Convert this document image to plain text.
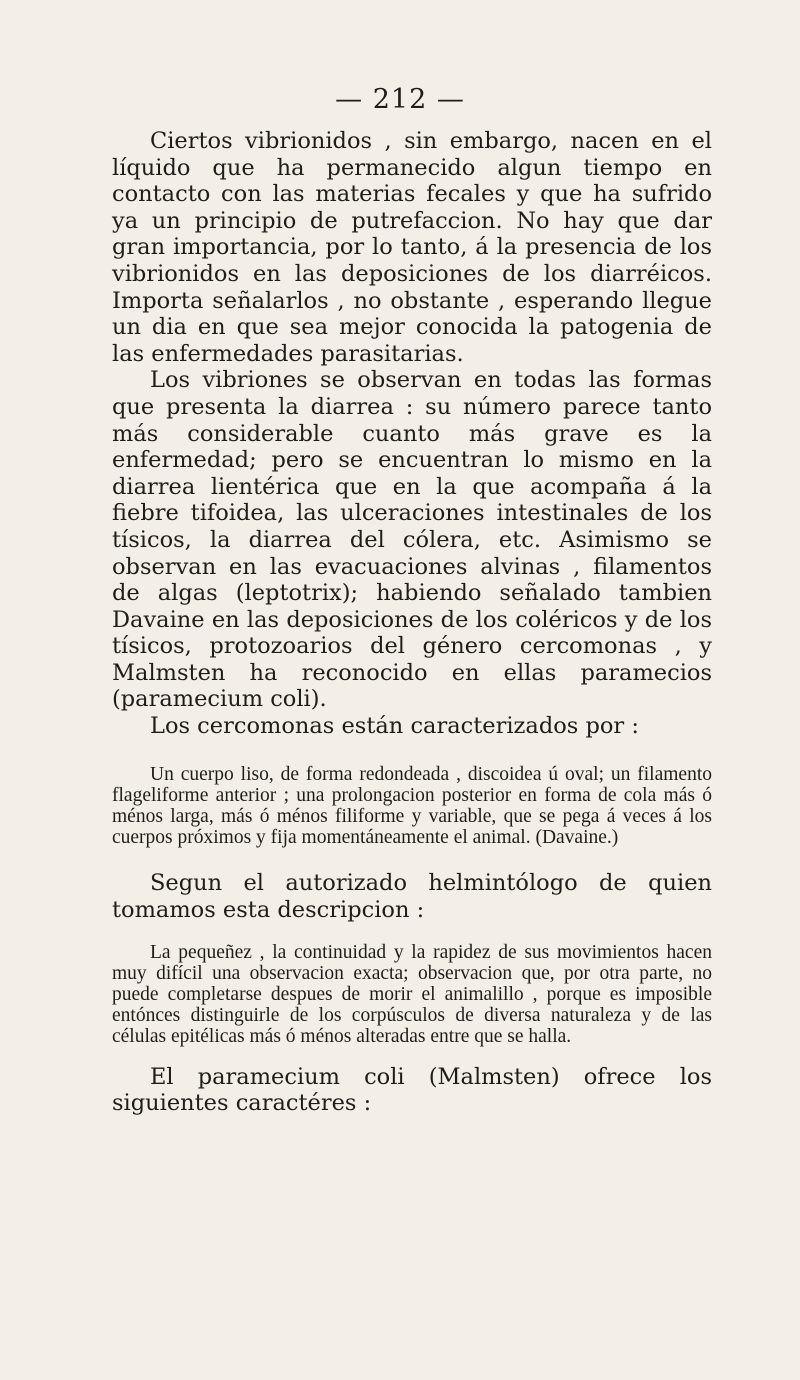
— 212 —

Ciertos vibrionidos , sin embargo, nacen en el líquido que ha permanecido algun tiempo en contacto con las materias fecales y que ha sufrido ya un principio de putrefaccion. No hay que dar gran importancia, por lo tanto, á la presencia de los vibrionidos en las deposiciones de los diarréicos. Importa señalarlos , no obstante , esperando llegue un dia en que sea mejor conocida la patogenia de las enfermedades parasitarias.

Los vibriones se observan en todas las formas que presenta la diarrea : su número parece tanto más considerable cuanto más grave es la enfermedad; pero se encuentran lo mismo en la diarrea lientérica que en la que acompaña á la fiebre tifoidea, las ulceraciones intestinales de los tísicos, la diarrea del cólera, etc. Asimismo se observan en las evacuaciones alvinas , filamentos de algas (leptotrix); habiendo señalado tambien Davaine en las deposiciones de los coléricos y de los tísicos, protozoarios del género cercomonas , y Malmsten ha reconocido en ellas paramecios (paramecium coli).

Los cercomonas están caracterizados por :

Un cuerpo liso, de forma redondeada , discoidea ú oval; un filamento flageliforme anterior ; una prolongacion posterior en forma de cola más ó ménos larga, más ó ménos filiforme y variable, que se pega á veces á los cuerpos próximos y fija momentáneamente el animal. (Davaine.)

Segun el autorizado helmintólogo de quien tomamos esta descripcion :

La pequeñez , la continuidad y la rapidez de sus movimientos hacen muy difícil una observacion exacta; observacion que, por otra parte, no puede completarse despues de morir el animalillo , porque es imposible entónces distinguirle de los corpúsculos de diversa naturaleza y de las células epitélicas más ó ménos alteradas entre que se halla.

El paramecium coli (Malmsten) ofrece los siguientes caractéres :
